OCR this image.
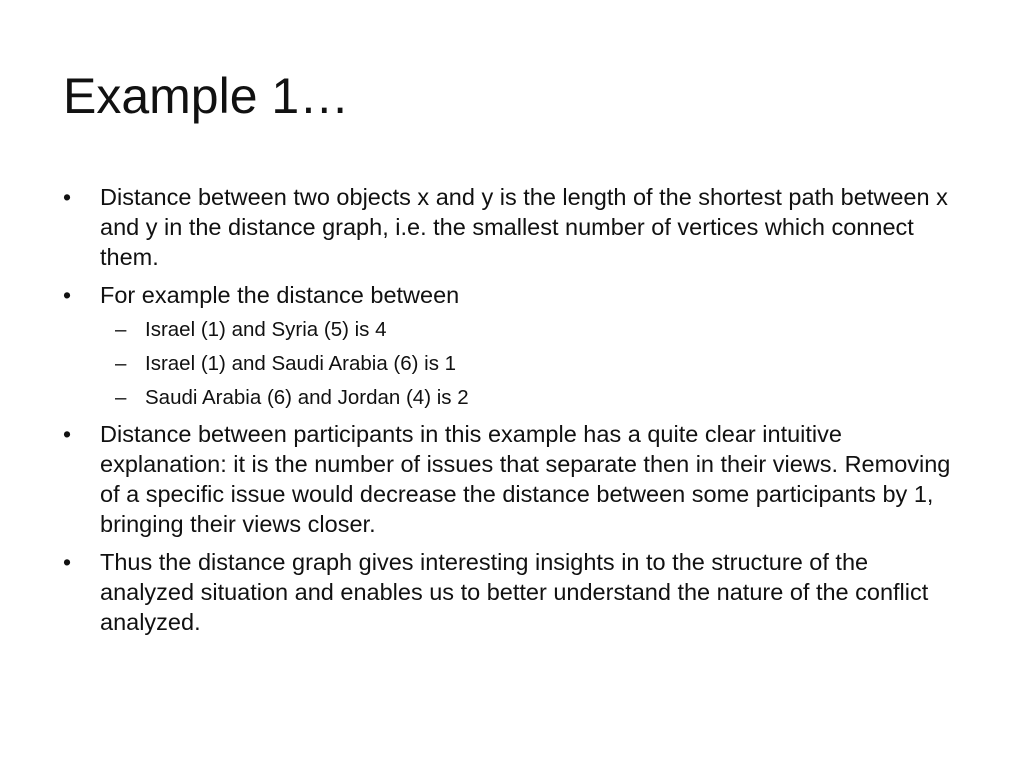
Example 1…
• Distance between two objects x and y is the length of the shortest path between x and y in the distance graph, i.e. the smallest number of vertices which connect them.
• For example the distance between
– Israel (1) and Syria (5) is 4
– Israel (1) and Saudi Arabia (6) is 1
– Saudi Arabia (6) and Jordan (4) is 2
• Distance between participants in this example has a quite clear intuitive explanation: it is the number of issues that separate then in their views. Removing of a specific issue would decrease the distance between some participants by 1, bringing their views closer.
• Thus the distance graph gives interesting insights in to the structure of the analyzed situation and enables us to better understand the nature of the conflict analyzed.
